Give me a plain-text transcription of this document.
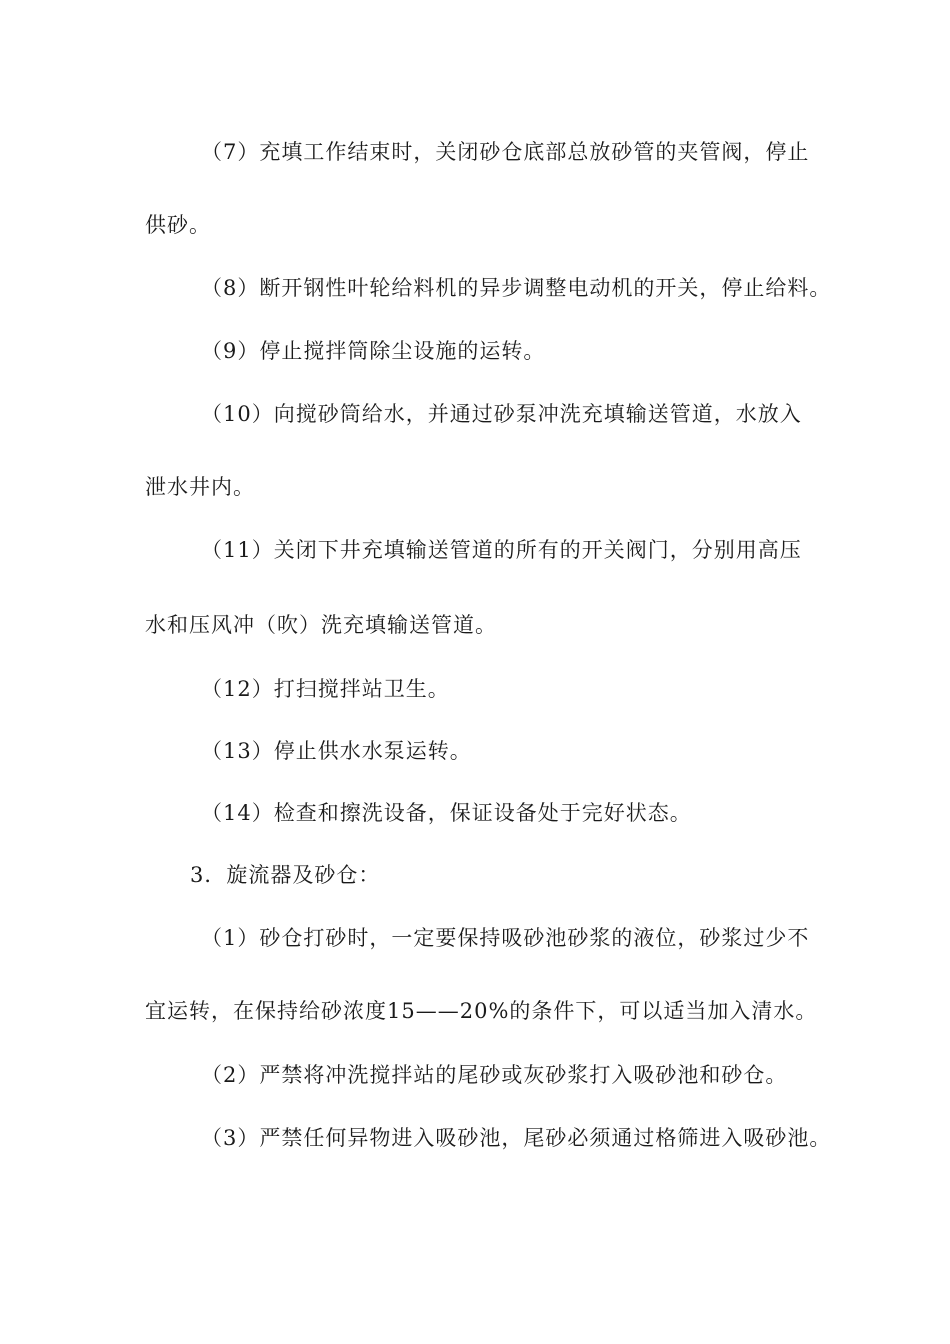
（7）充填工作结束时，关闭砂仓底部总放砂管的夹管阀，停止
供砂。
（8）断开钢性叶轮给料机的异步调整电动机的开关，停止给料。
（9）停止搅拌筒除尘设施的运转。
（10）向搅砂筒给水，并通过砂泵冲洗充填输送管道，水放入
泄水井内。
（11）关闭下井充填输送管道的所有的开关阀门，分别用高压
水和压风冲（吹）洗充填输送管道。
（12）打扫搅拌站卫生。
（13）停止供水水泵运转。
（14）检查和擦洗设备，保证设备处于完好状态。
3．旋流器及砂仓：
（1）砂仓打砂时，一定要保持吸砂池砂浆的液位，砂浆过少不
宜运转，在保持给砂浓度15——20%的条件下，可以适当加入清水。
（2）严禁将冲洗搅拌站的尾砂或灰砂浆打入吸砂池和砂仓。
（3）严禁任何异物进入吸砂池，尾砂必须通过格筛进入吸砂池。
